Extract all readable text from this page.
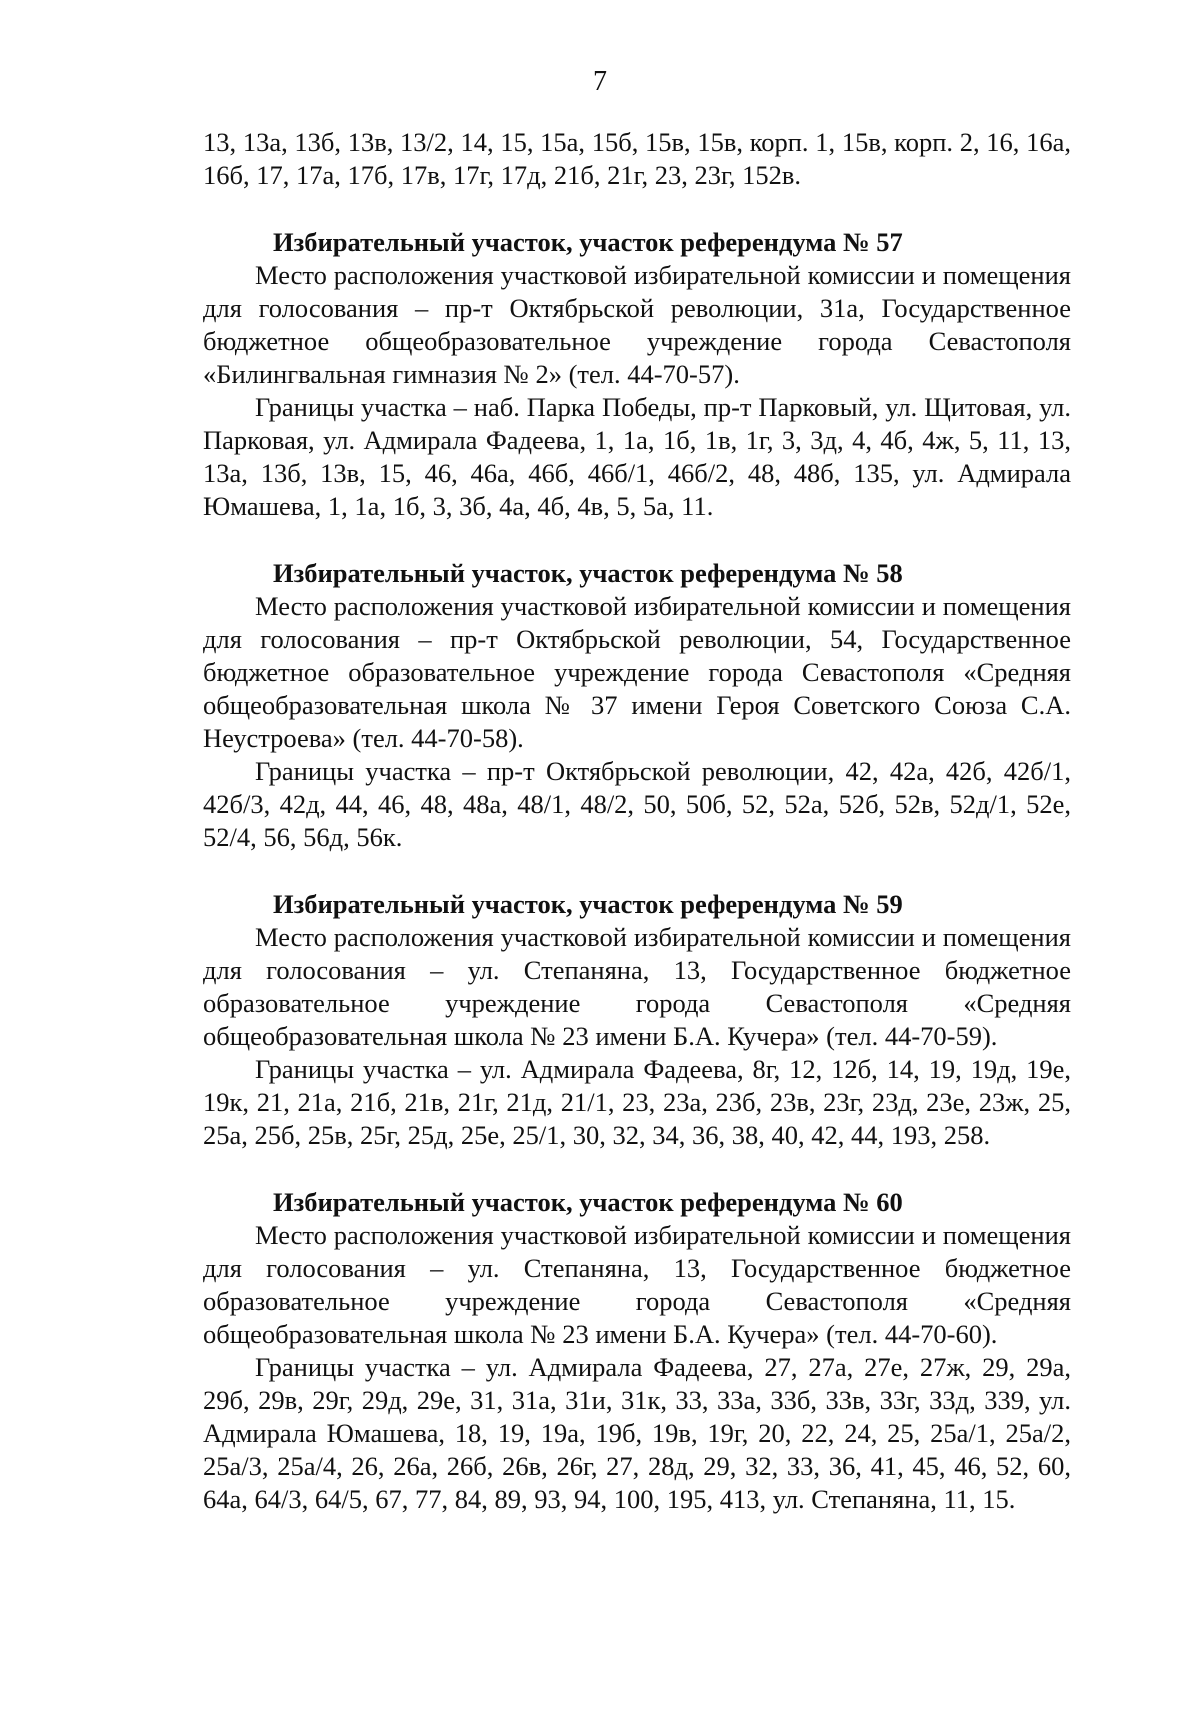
7

13, 13а, 13б, 13в, 13/2, 14, 15, 15а, 15б, 15в, 15в, корп. 1, 15в, корп. 2, 16, 16а, 16б, 17, 17а, 17б, 17в, 17г, 17д, 21б, 21г, 23, 23г, 152в.

Избирательный участок, участок референдума № 57

Место расположения участковой избирательной комиссии и помещения для голосования – пр-т Октябрьской революции, 31а, Государственное бюджетное общеобразовательное учреждение города Севастополя «Билингвальная гимназия № 2» (тел. 44-70-57).

Границы участка – наб. Парка Победы, пр-т Парковый, ул. Щитовая, ул. Парковая, ул. Адмирала Фадеева, 1, 1а, 1б, 1в, 1г, 3, 3д, 4, 4б, 4ж, 5, 11, 13, 13а, 13б, 13в, 15, 46, 46а, 46б, 46б/1, 46б/2, 48, 48б, 135, ул. Адмирала Юмашева, 1, 1а, 1б, 3, 3б, 4а, 4б, 4в, 5, 5а, 11.

Избирательный участок, участок референдума № 58

Место расположения участковой избирательной комиссии и помещения для голосования – пр-т Октябрьской революции, 54, Государственное бюджетное образовательное учреждение города Севастополя «Средняя общеобразовательная школа № 37 имени Героя Советского Союза С.А. Неустроева» (тел. 44-70-58).

Границы участка – пр-т Октябрьской революции, 42, 42а, 42б, 42б/1, 42б/3, 42д, 44, 46, 48, 48а, 48/1, 48/2, 50, 50б, 52, 52а, 52б, 52в, 52д/1, 52е, 52/4, 56, 56д, 56к.

Избирательный участок, участок референдума № 59

Место расположения участковой избирательной комиссии и помещения для голосования – ул. Степаняна, 13, Государственное бюджетное образовательное учреждение города Севастополя «Средняя общеобразовательная школа № 23 имени Б.А. Кучера» (тел. 44-70-59).

Границы участка – ул. Адмирала Фадеева, 8г, 12, 12б, 14, 19, 19д, 19е, 19к, 21, 21а, 21б, 21в, 21г, 21д, 21/1, 23, 23а, 23б, 23в, 23г, 23д, 23е, 23ж, 25, 25а, 25б, 25в, 25г, 25д, 25е, 25/1, 30, 32, 34, 36, 38, 40, 42, 44, 193, 258.

Избирательный участок, участок референдума № 60

Место расположения участковой избирательной комиссии и помещения для голосования – ул. Степаняна, 13, Государственное бюджетное образовательное учреждение города Севастополя «Средняя общеобразовательная школа № 23 имени Б.А. Кучера» (тел. 44-70-60).

Границы участка – ул. Адмирала Фадеева, 27, 27а, 27е, 27ж, 29, 29а, 29б, 29в, 29г, 29д, 29е, 31, 31а, 31и, 31к, 33, 33а, 33б, 33в, 33г, 33д, 339, ул. Адмирала Юмашева, 18, 19, 19а, 19б, 19в, 19г, 20, 22, 24, 25, 25а/1, 25а/2, 25а/3, 25а/4, 26, 26а, 26б, 26в, 26г, 27, 28д, 29, 32, 33, 36, 41, 45, 46, 52, 60, 64а, 64/3, 64/5, 67, 77, 84, 89, 93, 94, 100, 195, 413, ул. Степаняна, 11, 15.
